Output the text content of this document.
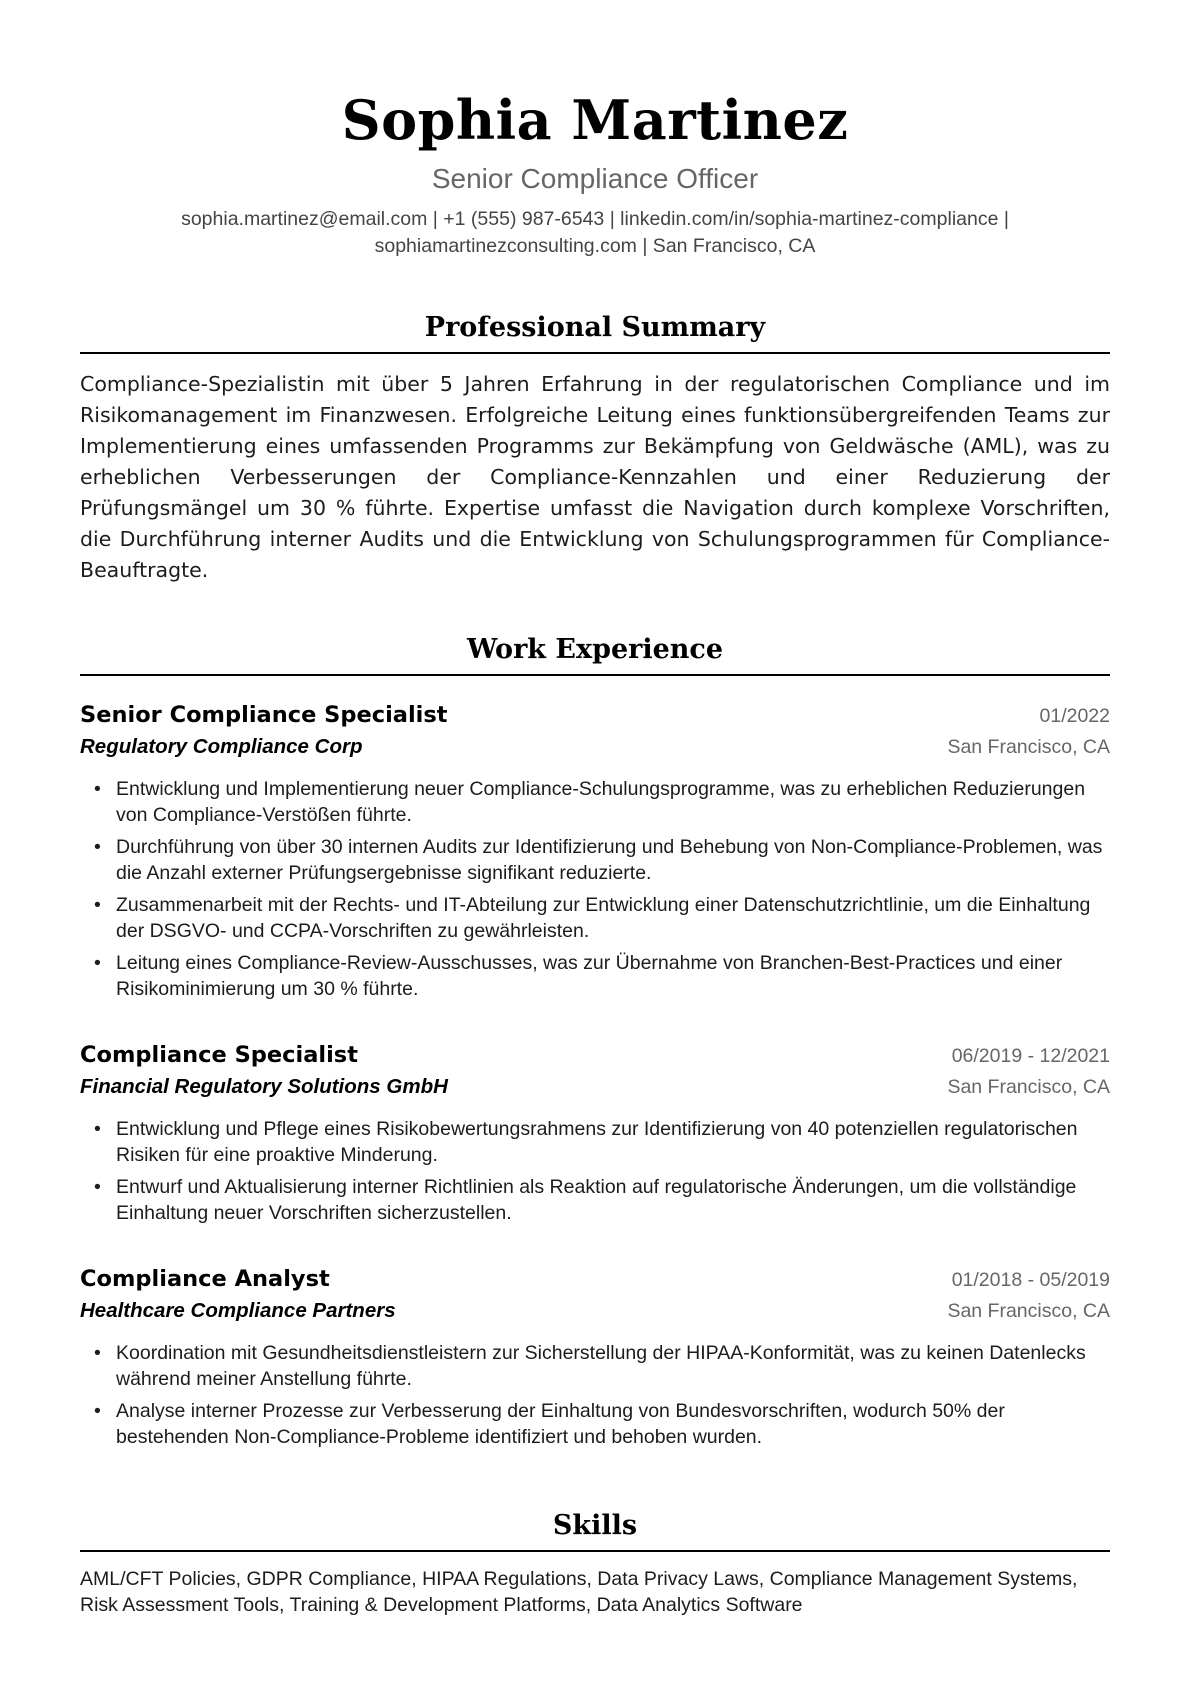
Sophia Martinez
Senior Compliance Officer
sophia.martinez@email.com | +1 (555) 987-6543 | linkedin.com/in/sophia-martinez-compliance |
sophiamartinezconsulting.com | San Francisco, CA
Professional Summary

Compliance-Spezialistin mit über 5 Jahren Erfahrung in der regulatorischen Compliance und im Risikomanagement im Finanzwesen. Erfolgreiche Leitung eines funktionsübergreifenden Teams zur Implementierung eines umfassenden Programms zur Bekämpfung von Geldwäsche (AML), was zu erheblichen Verbesserungen der Compliance-Kennzahlen und einer Reduzierung der Prüfungsmängel um 30 % führte. Expertise umfasst die Navigation durch komplexe Vorschriften, die Durchführung interner Audits und die Entwicklung von Schulungsprogrammen für Compliance-Beauftragte.

Work Experience
Senior Compliance Specialist	01/2022
Regulatory Compliance Corp	San Francisco, CA
• Entwicklung und Implementierung neuer Compliance-Schulungsprogramme, was zu erheblichen Reduzierungen von Compliance-Verstößen führte.
• Durchführung von über 30 internen Audits zur Identifizierung und Behebung von Non-Compliance-Problemen, was die Anzahl externer Prüfungsergebnisse signifikant reduzierte.
• Zusammenarbeit mit der Rechts- und IT-Abteilung zur Entwicklung einer Datenschutzrichtlinie, um die Einhaltung der DSGVO- und CCPA-Vorschriften zu gewährleisten.
• Leitung eines Compliance-Review-Ausschusses, was zur Übernahme von Branchen-Best-Practices und einer Risikominimierung um 30 % führte.
Compliance Specialist	06/2019 - 12/2021
Financial Regulatory Solutions GmbH	San Francisco, CA
• Entwicklung und Pflege eines Risikobewertungsrahmens zur Identifizierung von 40 potenziellen regulatorischen Risiken für eine proaktive Minderung.
• Entwurf und Aktualisierung interner Richtlinien als Reaktion auf regulatorische Änderungen, um die vollständige Einhaltung neuer Vorschriften sicherzustellen.
Compliance Analyst	01/2018 - 05/2019
Healthcare Compliance Partners	San Francisco, CA
• Koordination mit Gesundheitsdienstleistern zur Sicherstellung der HIPAA-Konformität, was zu keinen Datenlecks während meiner Anstellung führte.
• Analyse interner Prozesse zur Verbesserung der Einhaltung von Bundesvorschriften, wodurch 50% der bestehenden Non-Compliance-Probleme identifiziert und behoben wurden.
Skills

AML/CFT Policies, GDPR Compliance, HIPAA Regulations, Data Privacy Laws, Compliance Management Systems, Risk Assessment Tools, Training & Development Platforms, Data Analytics Software
